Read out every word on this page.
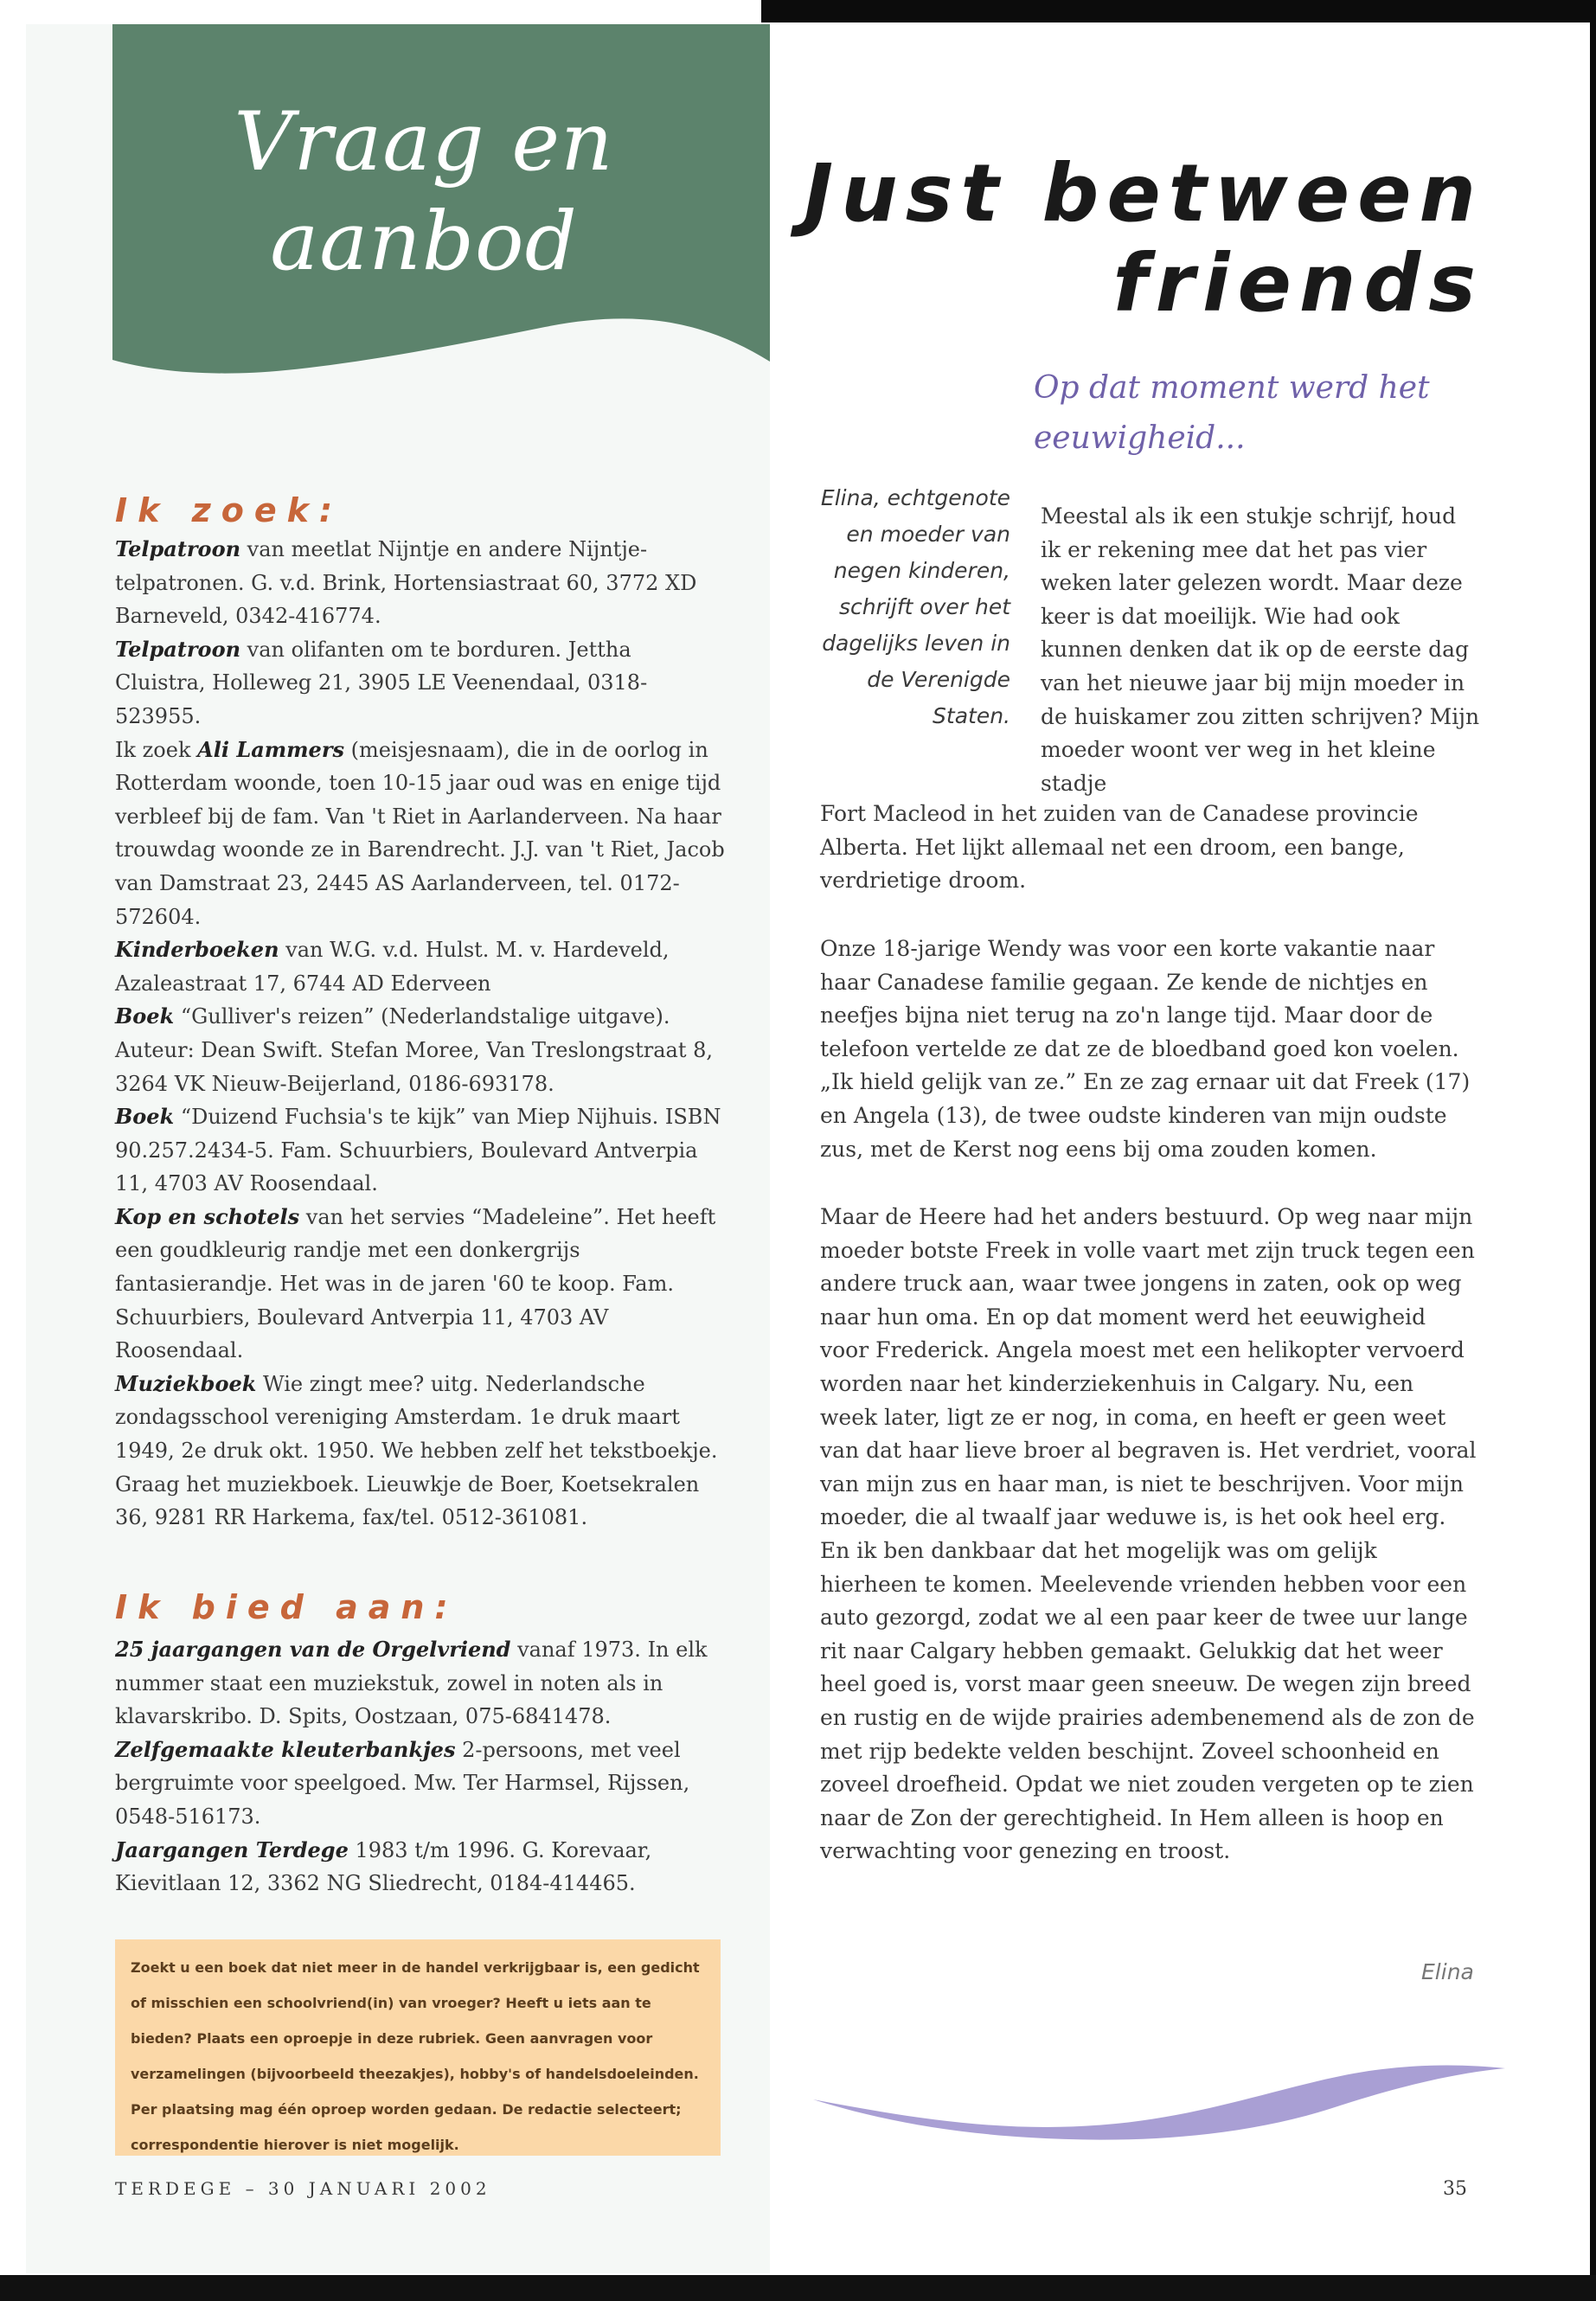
Vraag en
aanbod
Just between
friends
Op dat moment werd het eeuwigheid...
Ik zoek:

Telpatroon van meetlat Nijntje en andere Nijntje-telpatronen. G. v.d. Brink, Hortensiastraat 60, 3772 XD Barneveld, 0342-416774.

Telpatroon van olifanten om te borduren. Jettha Cluistra, Holleweg 21, 3905 LE Veenendaal, 0318-523955.

Ik zoek Ali Lammers (meisjesnaam), die in de oorlog in Rotterdam woonde, toen 10-15 jaar oud was en enige tijd verbleef bij de fam. Van 't Riet in Aarlanderveen. Na haar trouwdag woonde ze in Barendrecht. J.J. van 't Riet, Jacob van Damstraat 23, 2445 AS Aarlanderveen, tel. 0172-572604.

Kinderboeken van W.G. v.d. Hulst. M. v. Hardeveld, Azaleastraat 17, 6744 AD Ederveen

Boek “Gulliver's reizen” (Nederlandstalige uitgave). Auteur: Dean Swift. Stefan Moree, Van Treslongstraat 8, 3264 VK Nieuw-Beijerland, 0186-693178.

Boek “Duizend Fuchsia's te kijk” van Miep Nijhuis. ISBN 90.257.2434-5. Fam. Schuurbiers, Boulevard Antverpia 11, 4703 AV Roosendaal.

Kop en schotels van het servies “Madeleine”. Het heeft een goudkleurig randje met een donkergrijs fantasierandje. Het was in de jaren '60 te koop. Fam. Schuurbiers, Boulevard Antverpia 11, 4703 AV Roosendaal.

Muziekboek Wie zingt mee? uitg. Nederlandsche zondagsschool vereniging Amsterdam. 1e druk maart 1949, 2e druk okt. 1950. We hebben zelf het tekstboekje. Graag het muziekboek. Lieuwkje de Boer, Koetsekralen 36, 9281 RR Harkema, fax/tel. 0512-361081.

Ik bied aan:

25 jaargangen van de Orgelvriend vanaf 1973. In elk nummer staat een muziekstuk, zowel in noten als in klavarskribo. D. Spits, Oostzaan, 075-6841478.

Zelfgemaakte kleuterbankjes 2-persoons, met veel bergruimte voor speelgoed. Mw. Ter Harmsel, Rijssen, 0548-516173.

Jaargangen Terdege 1983 t/m 1996. G. Korevaar, Kievitlaan 12, 3362 NG Sliedrecht, 0184-414465.

Zoekt u een boek dat niet meer in de handel verkrijgbaar is, een gedicht of misschien een schoolvriend(in) van vroeger? Heeft u iets aan te bieden? Plaats een oproepje in deze rubriek. Geen aanvragen voor verzamelingen (bijvoorbeeld theezakjes), hobby's of handelsdoeleinden. Per plaatsing mag één oproep worden gedaan. De redactie selecteert; correspondentie hierover is niet mogelijk.
Elina, echtgenote en moeder van negen kinderen, schrijft over het dagelijks leven in de Verenigde Staten.
Meestal als ik een stukje schrijf, houd ik er rekening mee dat het pas vier weken later gelezen wordt. Maar deze keer is dat moeilijk. Wie had ook kunnen denken dat ik op de eerste dag van het nieuwe jaar bij mijn moeder in de huiskamer zou zitten schrijven? Mijn moeder woont ver weg in het kleine stadje
Fort Macleod in het zuiden van de Canadese provincie Alberta. Het lijkt allemaal net een droom, een bange, verdrietige droom.
Onze 18-jarige Wendy was voor een korte vakantie naar haar Canadese familie gegaan. Ze kende de nichtjes en neefjes bijna niet terug na zo'n lange tijd. Maar door de telefoon vertelde ze dat ze de bloedband goed kon voelen. „Ik hield gelijk van ze.” En ze zag ernaar uit dat Freek (17) en Angela (13), de twee oudste kinderen van mijn oudste zus, met de Kerst nog eens bij oma zouden komen.
Maar de Heere had het anders bestuurd. Op weg naar mijn moeder botste Freek in volle vaart met zijn truck tegen een andere truck aan, waar twee jongens in zaten, ook op weg naar hun oma. En op dat moment werd het eeuwigheid voor Frederick. Angela moest met een helikopter vervoerd worden naar het kinderziekenhuis in Calgary. Nu, een week later, ligt ze er nog, in coma, en heeft er geen weet van dat haar lieve broer al begraven is. Het verdriet, vooral van mijn zus en haar man, is niet te beschrijven. Voor mijn moeder, die al twaalf jaar weduwe is, is het ook heel erg. En ik ben dankbaar dat het mogelijk was om gelijk hierheen te komen. Meelevende vrienden hebben voor een auto gezorgd, zodat we al een paar keer de twee uur lange rit naar Calgary hebben gemaakt. Gelukkig dat het weer heel goed is, vorst maar geen sneeuw. De wegen zijn breed en rustig en de wijde prairies adembenemend als de zon de met rijp bedekte velden beschijnt. Zoveel schoonheid en zoveel droefheid. Opdat we niet zouden vergeten op te zien naar de Zon der gerechtigheid. In Hem alleen is hoop en verwachting voor genezing en troost.
Elina
TERDEGE – 30 JANUARI 2002	35
